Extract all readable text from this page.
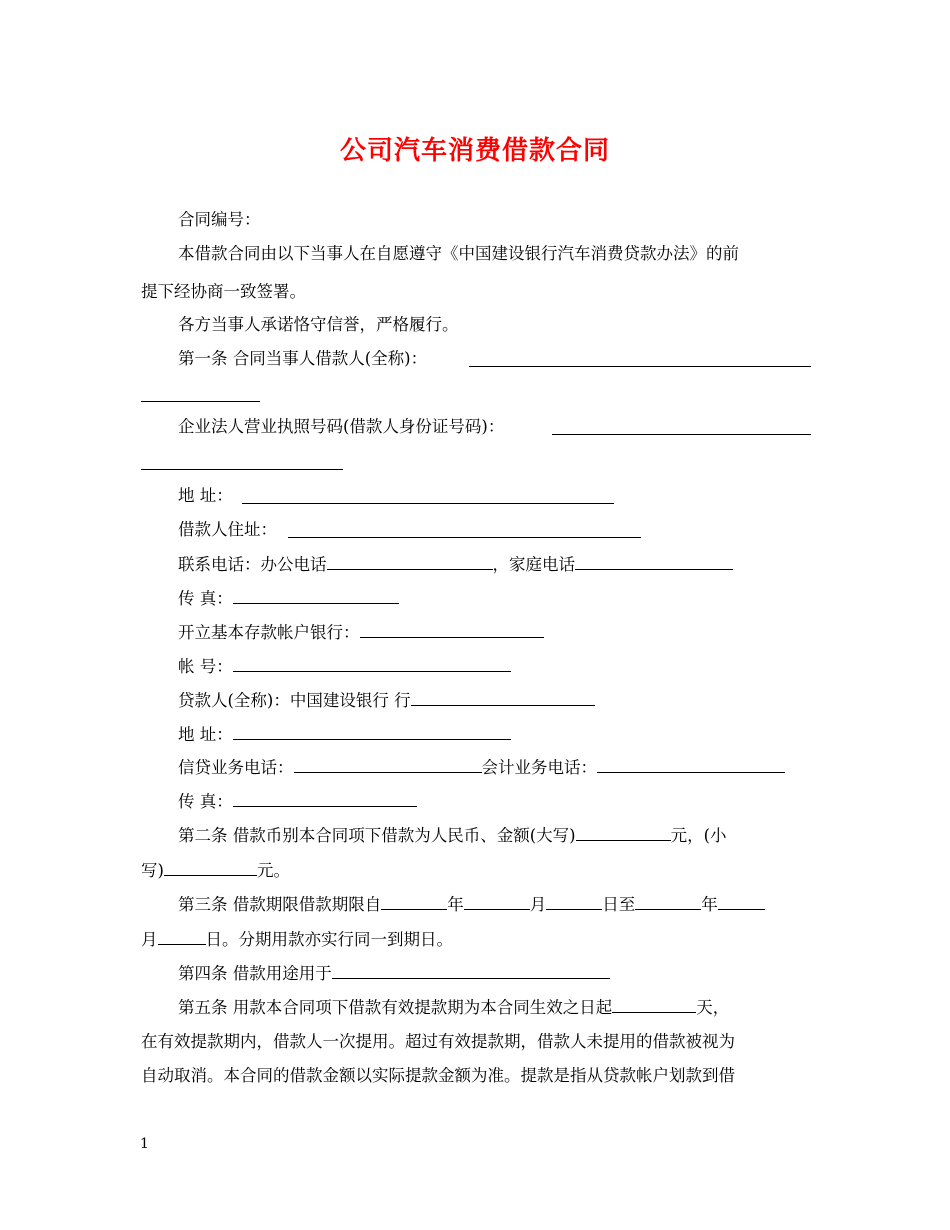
公司汽车消费借款合同
合同编号：
本借款合同由以下当事人在自愿遵守《中国建设银行汽车消费贷款办法》的前
提下经协商一致签署。
各方当事人承诺恪守信誉，严格履行。
第一条 合同当事人借款人(全称)：
企业法人营业执照号码(借款人身份证号码)：
地 址：
借款人住址：
联系电话：办公电话	，家庭电话
传 真：
开立基本存款帐户银行：
帐 号：
贷款人(全称)：中国建设银行 行
地 址：
信贷业务电话：	会计业务电话：
传 真：
第二条 借款币别本合同项下借款为人民币、金额(大写)	元，(小
写)	元。
第三条 借款期限借款期限自	年	月	日至	年
月	日。分期用款亦实行同一到期日。
第四条 借款用途用于
第五条 用款本合同项下借款有效提款期为本合同生效之日起	天，
在有效提款期内，借款人一次提用。超过有效提款期，借款人未提用的借款被视为
自动取消。本合同的借款金额以实际提款金额为准。提款是指从贷款帐户划款到借
1
